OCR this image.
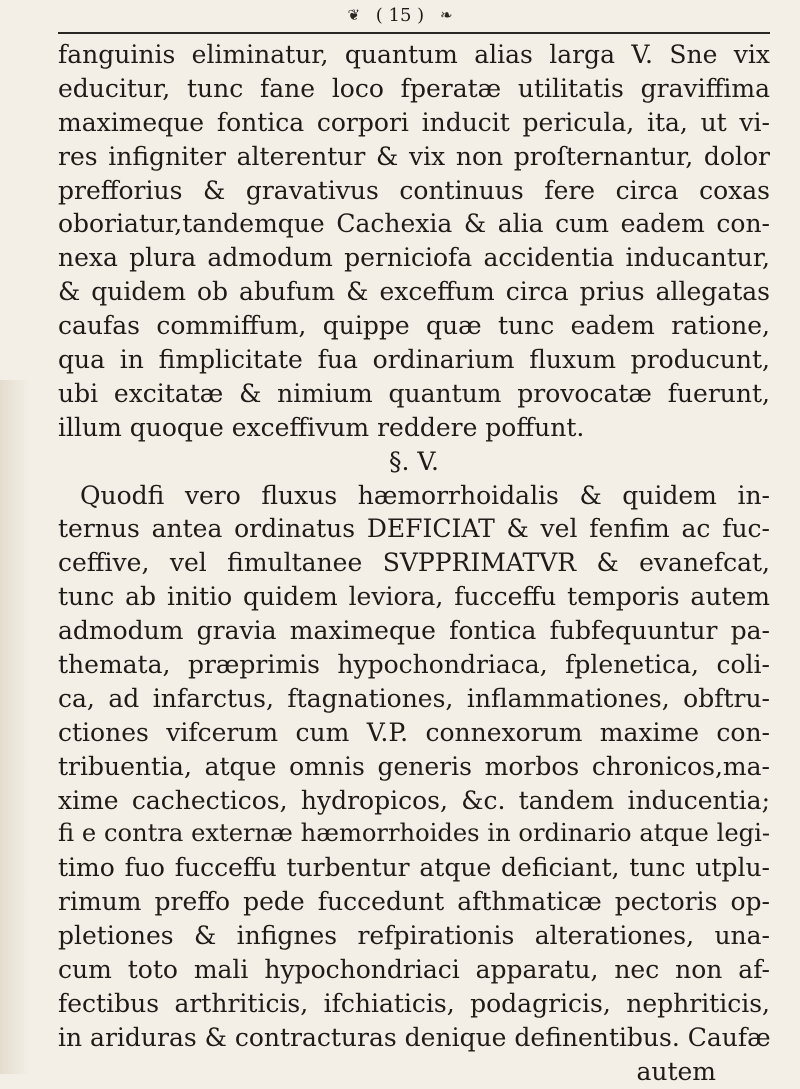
❦ ( 15 ) ❧
fanguinis eliminatur, quantum alias larga V. Sne vix
educitur, tunc fane loco fperatæ utilitatis graviffima
maximeque fontica corpori inducit pericula, ita, ut vi-
res infigniter alterentur & vix non proſternantur, dolor
prefforius & gravativus continuus fere circa coxas
oboriatur,tandemque Cachexia & alia cum eadem con-
nexa plura admodum perniciofa accidentia inducantur,
& quidem ob abufum & exceffum circa prius allegatas
caufas commiffum, quippe quæ tunc eadem ratione,
qua in fimplicitate fua ordinarium fluxum producunt,
ubi excitatæ & nimium quantum provocatæ fuerunt,
illum quoque exceffivum reddere poffunt.
§. V.
Quodfi vero fluxus hæmorrhoidalis & quidem in-
ternus antea ordinatus DEFICIAT & vel fenfim ac fuc-
ceffive, vel fimultanee SVPPRIMATVR & evanefcat,
tunc ab initio quidem leviora, fucceffu temporis autem
admodum gravia maximeque fontica fubfequuntur pa-
themata, præprimis hypochondriaca, fplenetica, coli-
ca, ad infarctus, ftagnationes, inflammationes, obftru-
ctiones vifcerum cum V.P. connexorum maxime con-
tribuentia, atque omnis generis morbos chronicos,ma-
xime cachecticos, hydropicos, &c. tandem inducentia;
fi e contra externæ hæmorrhoides in ordinario atque legi-
timo fuo fucceffu turbentur atque deficiant, tunc utplu-
rimum preffo pede fuccedunt afthmaticæ pectoris op-
pletiones & infignes refpirationis alterationes, una-
cum toto mali hypochondriaci apparatu, nec non af-
fectibus arthriticis, ifchiaticis, podagricis, nephriticis,
in ariduras & contracturas denique definentibus. Caufæ
autem
